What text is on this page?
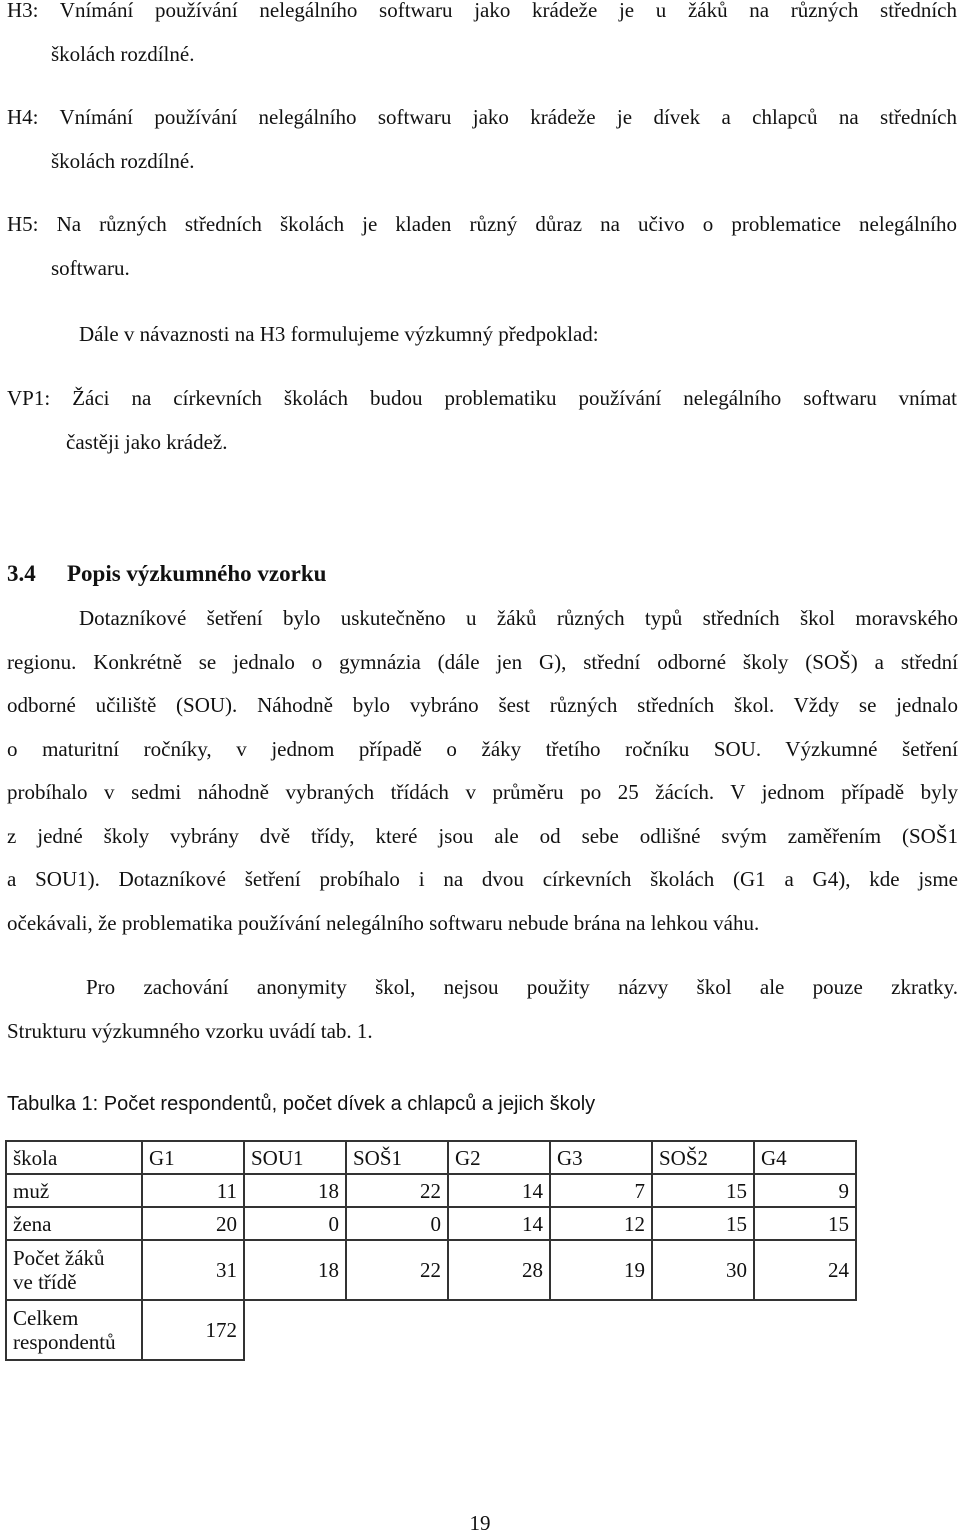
H3: Vnímání používání nelegálního softwaru jako krádeže je u žáků na různých středních
školách rozdílné.
H4: Vnímání používání nelegálního softwaru jako krádeže je dívek a chlapců na středních
školách rozdílné.
H5: Na různých středních školách je kladen různý důraz na učivo o problematice nelegálního
softwaru.
Dále v návaznosti na H3 formulujeme výzkumný předpoklad:
VP1: Žáci na církevních školách budou problematiku používání nelegálního softwaru vnímat
častěji jako krádež.
3.4 Popis výzkumného vzorku
Dotazníkové šetření bylo uskutečněno u žáků různých typů středních škol moravského
regionu. Konkrétně se jednalo o gymnázia (dále jen G), střední odborné školy (SOŠ) a střední
odborné učiliště (SOU). Náhodně bylo vybráno šest různých středních škol. Vždy se jednalo
o maturitní ročníky, v jednom případě o žáky třetího ročníku SOU. Výzkumné šetření
probíhalo v sedmi náhodně vybraných třídách v průměru po 25 žácích. V jednom případě byly
z jedné školy vybrány dvě třídy, které jsou ale od sebe odlišné svým zaměřením (SOŠ1
a SOU1). Dotazníkové šetření probíhalo i na dvou církevních školách (G1 a G4), kde jsme
očekávali, že problematika používání nelegálního softwaru nebude brána na lehkou váhu.
Pro zachování anonymity škol, nejsou použity názvy škol ale pouze zkratky.
Strukturu výzkumného vzorku uvádí tab. 1.
Tabulka 1: Počet respondentů, počet dívek a chlapců a jejich školy
škola	G1	SOU1	SOŠ1	G2	G3	SOŠ2	G4
muž	11	18	22	14	7	15	9
žena	20	0	0	14	12	15	15
Počet žáků
ve třídě	31	18	22	28	19	30	24
Celkem
respondentů	172						
19
